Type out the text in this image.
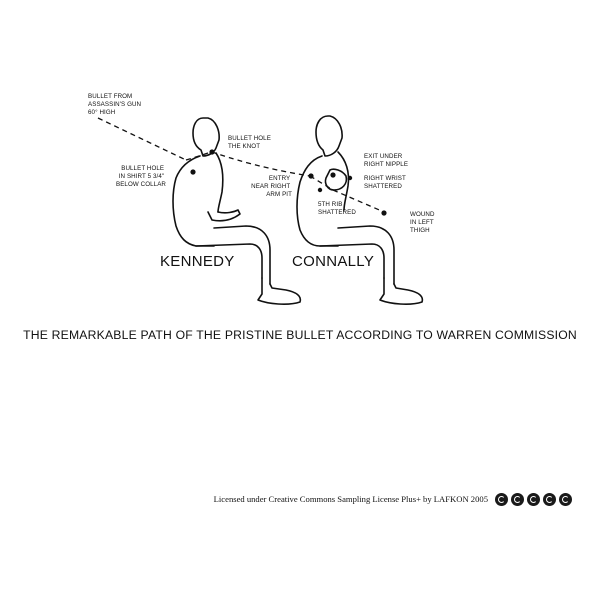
BULLET FROM ASSASSIN'S GUN 60° HIGH
BULLET HOLE THE KNOT
BULLET HOLE IN SHIRT 5 3/4" BELOW COLLAR
ENTRY NEAR RIGHT ARM PIT
EXIT UNDER RIGHT NIPPLE
RIGHT WRIST SHATTERED
5TH RIB SHATTERED	WOUND IN LEFT THIGH
KENNEDY	CONNALLY
THE REMARKABLE PATH OF THE PRISTINE BULLET ACCORDING TO WARREN COMMISSION
Licensed under Creative Commons Sampling License Plus+ by LAFKON 2005
